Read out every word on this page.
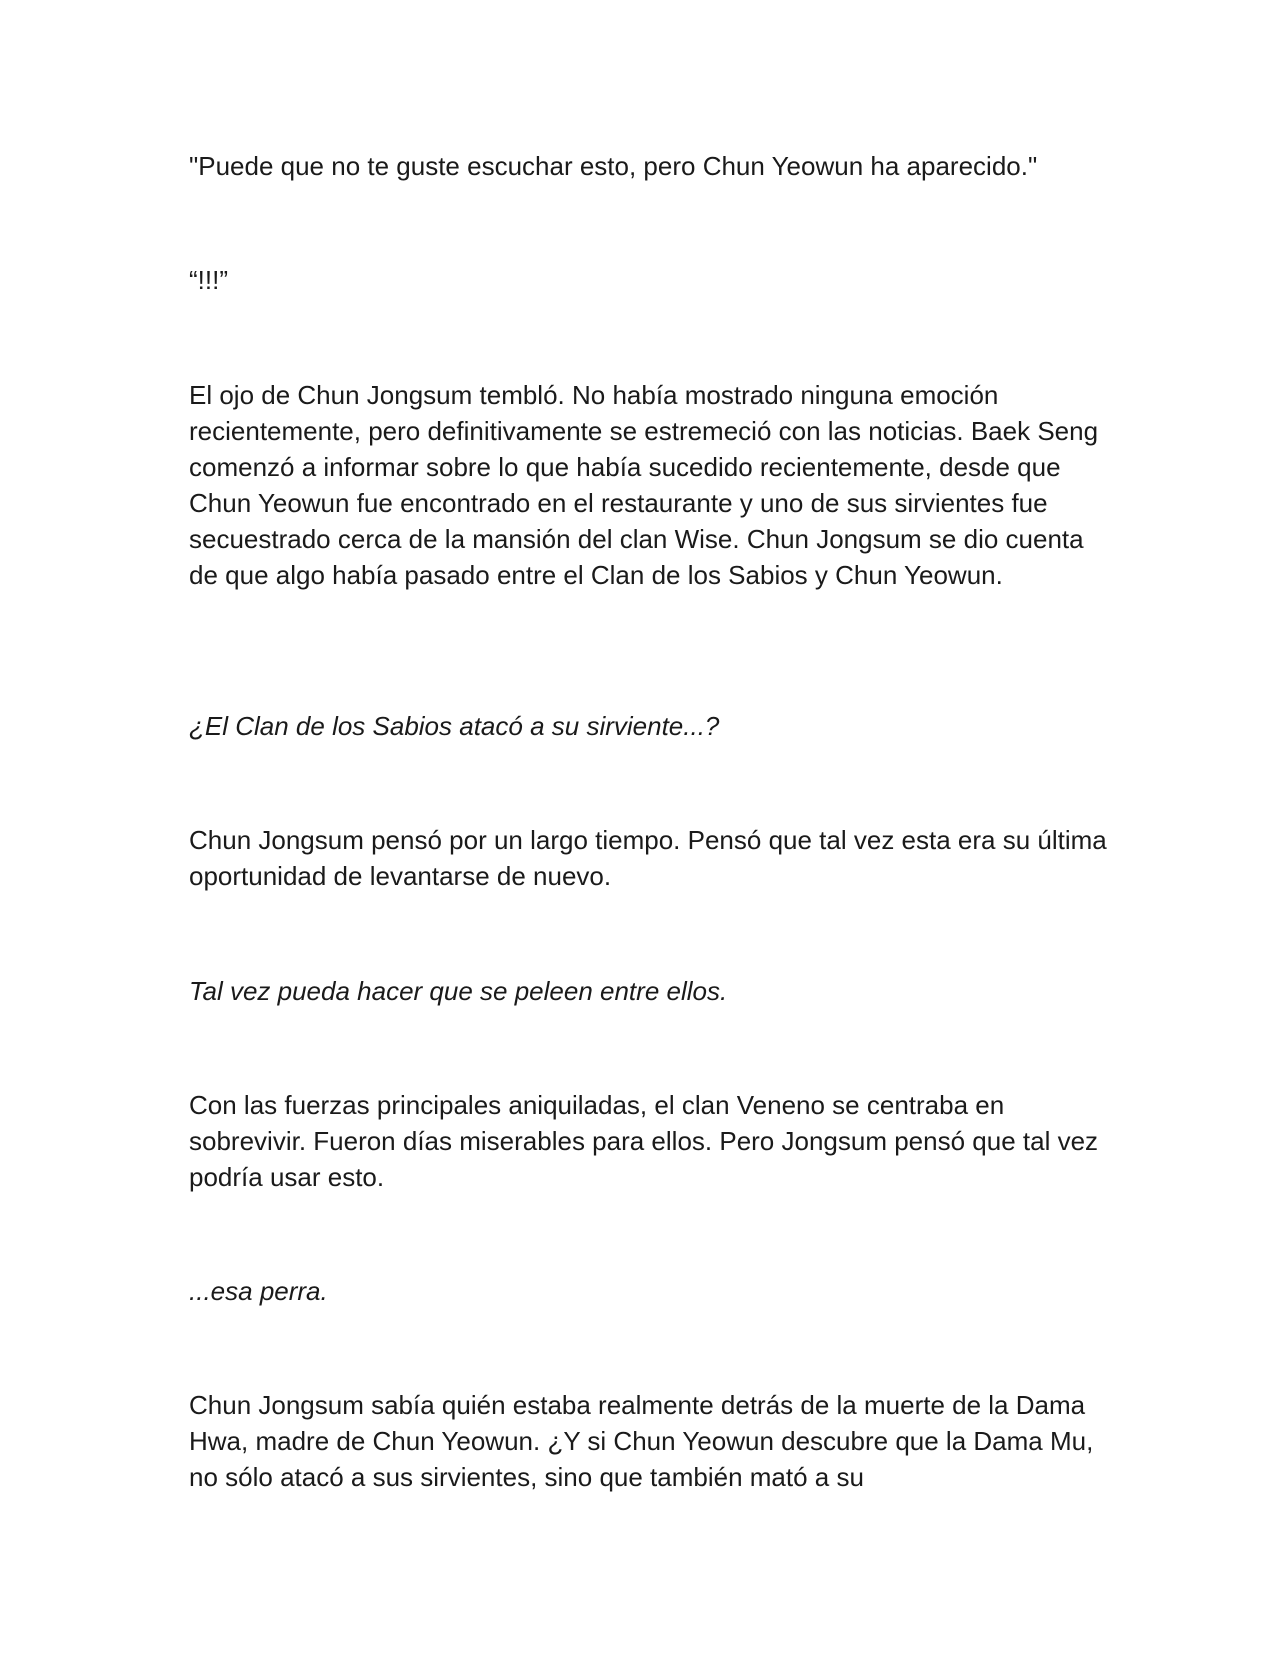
"Puede que no te guste escuchar esto, pero Chun Yeowun ha aparecido."

“!!!”

El ojo de Chun Jongsum tembló. No había mostrado ninguna emoción recientemente, pero definitivamente se estremeció con las noticias. Baek Seng comenzó a informar sobre lo que había sucedido recientemente, desde que Chun Yeowun fue encontrado en el restaurante y uno de sus sirvientes fue secuestrado cerca de la mansión del clan Wise. Chun Jongsum se dio cuenta de que algo había pasado entre el Clan de los Sabios y Chun Yeowun.

¿El Clan de los Sabios atacó a su sirviente...?

Chun Jongsum pensó por un largo tiempo. Pensó que tal vez esta era su última oportunidad de levantarse de nuevo.

Tal vez pueda hacer que se peleen entre ellos.

Con las fuerzas principales aniquiladas, el clan Veneno se centraba en sobrevivir. Fueron días miserables para ellos. Pero Jongsum pensó que tal vez podría usar esto.

...esa perra.

Chun Jongsum sabía quién estaba realmente detrás de la muerte de la Dama Hwa, madre de Chun Yeowun. ¿Y si Chun Yeowun descubre que la Dama Mu, no sólo atacó a sus sirvientes, sino que también mató a su
